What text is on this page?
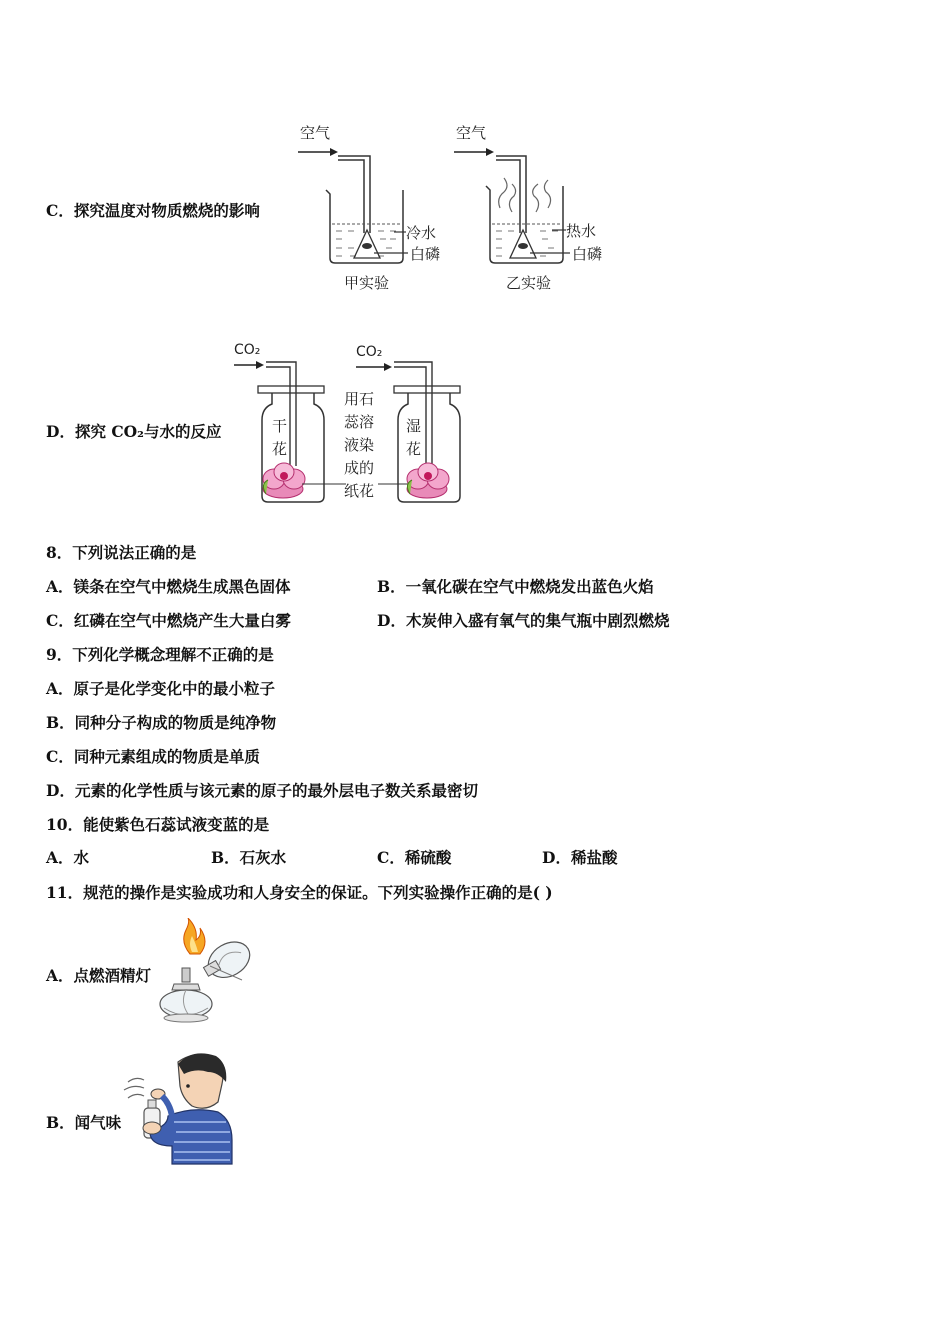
C．探究温度对物质燃烧的影响
空气
冷水
白磷
甲实验
空气
热水
白磷
乙实验
D．探究 CO₂与水的反应
CO₂
干
花
用石
蕊溶
液染
成的
纸花
CO₂
湿
花
8．下列说法正确的是
A．镁条在空气中燃烧生成黑色固体	B．一氧化碳在空气中燃烧发出蓝色火焰
C．红磷在空气中燃烧产生大量白雾	D．木炭伸入盛有氧气的集气瓶中剧烈燃烧
9．下列化学概念理解不正确的是
A．原子是化学变化中的最小粒子
B．同种分子构成的物质是纯净物
C．同种元素组成的物质是单质
D．元素的化学性质与该元素的原子的最外层电子数关系最密切
10．能使紫色石蕊试液变蓝的是
A．水	B．石灰水	C．稀硫酸	D．稀盐酸
11．规范的操作是实验成功和人身安全的保证。下列实验操作正确的是( )
A．点燃酒精灯
B．闻气味
